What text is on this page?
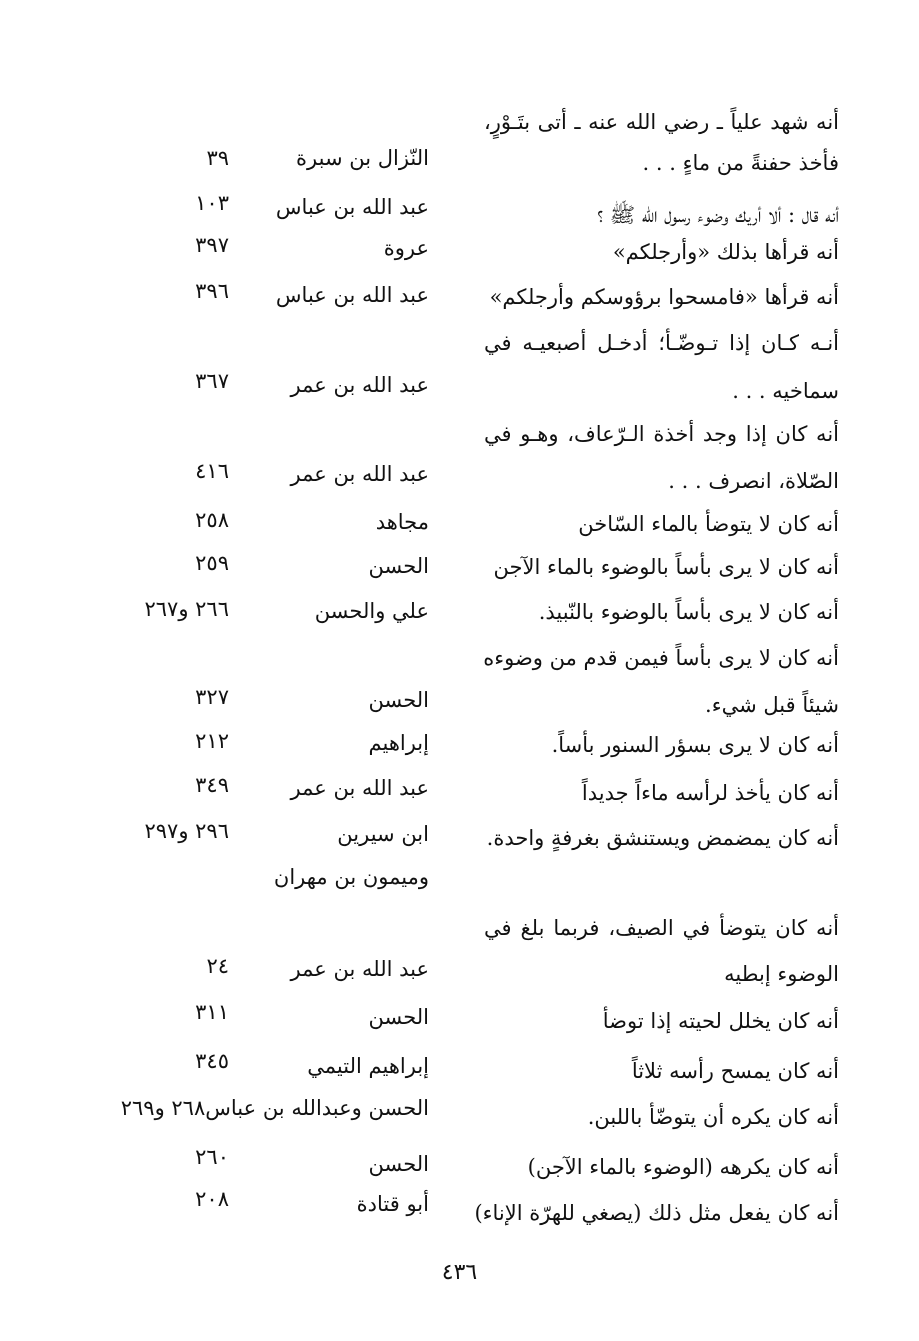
أنه شهد علياً ـ رضي الله عنه ـ أتى بتَـوْرٍ،
فأخذ حفنةً من ماءٍ . . .
النّزال بن سبرة
٣٩
أنه قال : ألا أريك وضوء رسول الله ﷺ ؟
عبد الله بن عباس
١٠٣
أنه قرأها بذلك «وأرجلكم»
عروة
٣٩٧
أنه قرأها «فامسحوا برؤوسكم وأرجلكم»
عبد الله بن عباس
٣٩٦
أنـه كـان إذا تـوضّـأ؛ أدخـل أصبعيـه في
سماخيه . . .
عبد الله بن عمر
٣٦٧
أنه كان إذا وجد أخذة الـرّعاف، وهـو في
الصّلاة، انصرف . . .
عبد الله بن عمر
٤١٦
أنه كان لا يتوضأ بالماء السّاخن
مجاهد
٢٥٨
أنه كان لا يرى بأساً بالوضوء بالماء الآجن
الحسن
٢٥٩
أنه كان لا يرى بأساً بالوضوء بالنّبيذ.
علي والحسن
٢٦٦ و٢٦٧
أنه كان لا يرى بأساً فيمن قدم من وضوءه
شيئاً قبل شيء.
الحسن
٣٢٧
أنه كان لا يرى بسؤر السنور بأساً.
إبراهيم
٢١٢
أنه كان يأخذ لرأسه ماءاً جديداً
عبد الله بن عمر
٣٤٩
أنه كان يمضمض ويستنشق بغرفةٍ واحدة.
ابن سيرين
وميمون بن مهران
٢٩٦ و٢٩٧
أنه كان يتوضأ في الصيف، فربما بلغ في
الوضوء إبطيه
عبد الله بن عمر
٢٤
أنه كان يخلل لحيته إذا توضأ
الحسن
٣١١
أنه كان يمسح رأسه ثلاثاً
إبراهيم التيمي
٣٤٥
أنه كان يكره أن يتوضّأ باللبن.
الحسن وعبدالله بن عباس٢٦٨ و٢٦٩
أنه كان يكرهه (الوضوء بالماء الآجن)
الحسن
٢٦٠
أنه كان يفعل مثل ذلك (يصغي للهرّة الإناء)
أبو قتادة
٢٠٨
٤٣٦
